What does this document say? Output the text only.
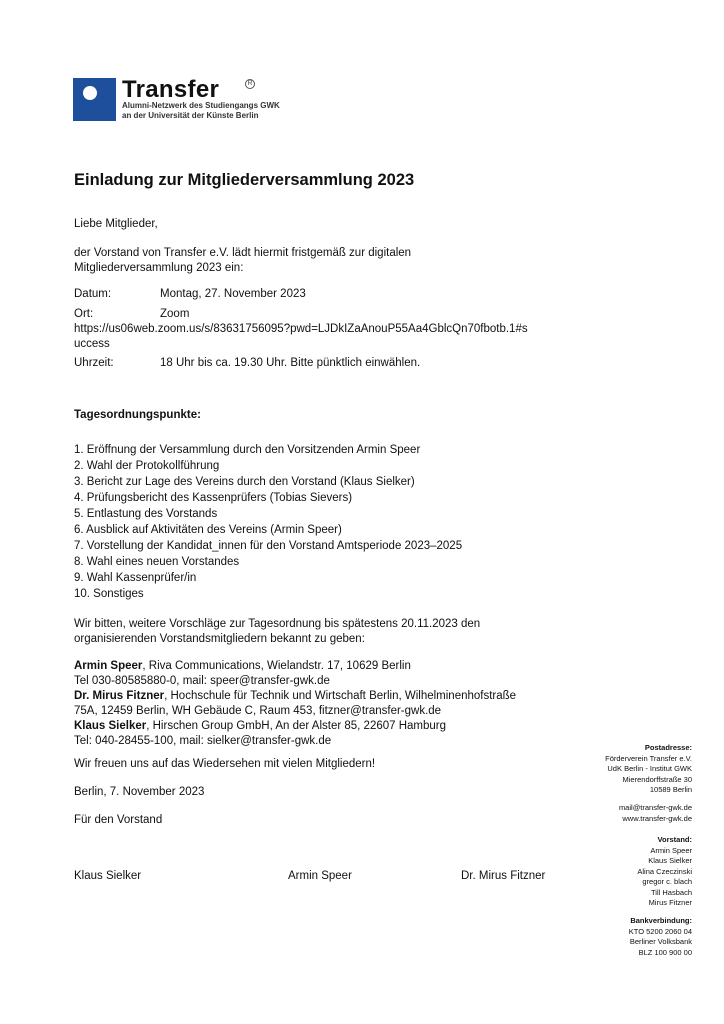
Transfer	R
Alumni-Netzwerk des Studiengangs GWK
an der Universität der Künste Berlin
Einladung zur Mitgliederversammlung 2023
Liebe Mitglieder,
der Vorstand von Transfer e.V. lädt hiermit fristgemäß zur digitalen
Mitgliederversammlung 2023 ein:
Datum:	Montag, 27. November 2023
Ort:	Zoom
https://us06web.zoom.us/s/83631756095?pwd=LJDkIZaAnouP55Aa4GblcQn70fbotb.1#s
uccess
Uhrzeit:	18 Uhr bis ca. 19.30 Uhr. Bitte pünktlich einwählen.
Tagesordnungspunkte:
1. Eröffnung der Versammlung durch den Vorsitzenden Armin Speer
2. Wahl der Protokollführung
3. Bericht zur Lage des Vereins durch den Vorstand (Klaus Sielker)
4. Prüfungsbericht des Kassenprüfers (Tobias Sievers)
5. Entlastung des Vorstands
6. Ausblick auf Aktivitäten des Vereins (Armin Speer)
7. Vorstellung der Kandidat_innen für den Vorstand Amtsperiode 2023–2025
8. Wahl eines neuen Vorstandes
9. Wahl Kassenprüfer/in
10. Sonstiges
Wir bitten, weitere Vorschläge zur Tagesordnung bis spätestens 20.11.2023 den
organisierenden Vorstandsmitgliedern bekannt zu geben:
Armin Speer, Riva Communications, Wielandstr. 17, 10629 Berlin
Tel 030-80585880-0, mail: speer@transfer-gwk.de
Dr. Mirus Fitzner, Hochschule für Technik und Wirtschaft Berlin, Wilhelminenhofstraße
75A, 12459 Berlin, WH Gebäude C, Raum 453, fitzner@transfer-gwk.de
Klaus Sielker, Hirschen Group GmbH, An der Alster 85, 22607 Hamburg
Tel: 040-28455-100, mail: sielker@transfer-gwk.de
Wir freuen uns auf das Wiedersehen mit vielen Mitgliedern!
Berlin, 7. November 2023
Für den Vorstand
Klaus Sielker	Armin Speer	Dr. Mirus Fitzner
Postadresse:
Förderverein Transfer e.V.
UdK Berlin - Institut GWK
Mierendorffstraße 30
10589 Berlin
mail@transfer-gwk.de
www.transfer-gwk.de
Vorstand:
Armin Speer
Klaus Sielker
Alina Czeczinski
gregor c. blach
Till Hasbach
Mirus Fitzner
Bankverbindung:
KTO 5200 2060 04
Berliner Volksbank
BLZ 100 900 00
